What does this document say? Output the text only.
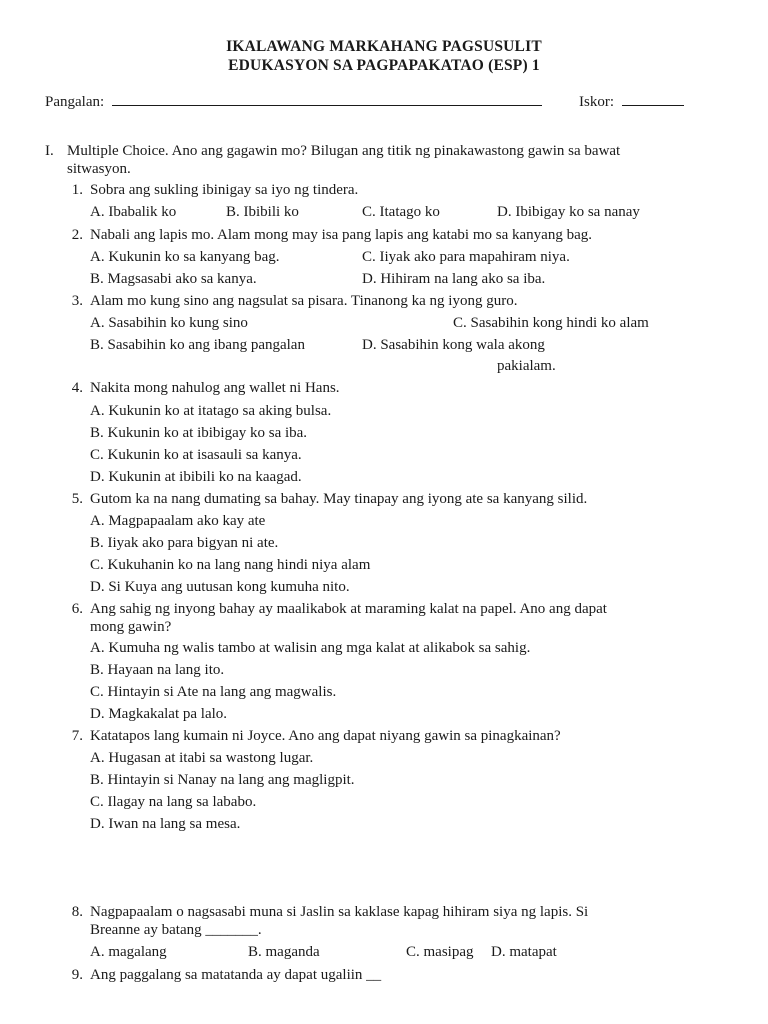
IKALAWANG MARKAHANG PAGSUSULIT
EDUKASYON SA PAGPAPAKATAO (ESP) 1
Pangalan:	Iskor:
I. Multiple Choice. Ano ang gagawin mo? Bilugan ang titik ng pinakawastong gawin sa bawat
sitwasyon.
1. Sobra ang sukling ibinigay sa iyo ng tindera.
A. Ibabalik ko	B. Ibibili ko	C. Itatago ko	D. Ibibigay ko sa nanay
2. Nabali ang lapis mo. Alam mong may isa pang lapis ang katabi mo sa kanyang bag.
A. Kukunin ko sa kanyang bag.	C. Iiyak ako para mapahiram niya.
B. Magsasabi ako sa kanya.	D. Hihiram na lang ako sa iba.
3. Alam mo kung sino ang nagsulat sa pisara. Tinanong ka ng iyong guro.
A. Sasabihin ko kung sino	C. Sasabihin kong hindi ko alam
B. Sasabihin ko ang ibang pangalan	D. Sasabihin kong wala akong
pakialam.
4. Nakita mong nahulog ang wallet ni Hans.
A. Kukunin ko at itatago sa aking bulsa.
B. Kukunin ko at ibibigay ko sa iba.
C. Kukunin ko at isasauli sa kanya.
D. Kukunin at ibibili ko na kaagad.
5. Gutom ka na nang dumating sa bahay. May tinapay ang iyong ate sa kanyang silid.
A. Magpapaalam ako kay ate
B. Iiyak ako para bigyan ni ate.
C. Kukuhanin ko na lang nang hindi niya alam
D. Si Kuya ang uutusan kong kumuha nito.
6. Ang sahig ng inyong bahay ay maalikabok at maraming kalat na papel. Ano ang dapat
mong gawin?
A. Kumuha ng walis tambo at walisin ang mga kalat at alikabok sa sahig.
B. Hayaan na lang ito.
C. Hintayin si Ate na lang ang magwalis.
D. Magkakalat pa lalo.
7. Katatapos lang kumain ni Joyce. Ano ang dapat niyang gawin sa pinagkainan?
A. Hugasan at itabi sa wastong lugar.
B. Hintayin si Nanay na lang ang magligpit.
C. Ilagay na lang sa lababo.
D. Iwan na lang sa mesa.
8. Nagpapaalam o nagsasabi muna si Jaslin sa kaklase kapag hihiram siya ng lapis. Si
Breanne ay batang _______.
A. magalang	B. maganda	C. masipag D. matapat
9. Ang paggalang sa matatanda ay dapat ugaliin __
